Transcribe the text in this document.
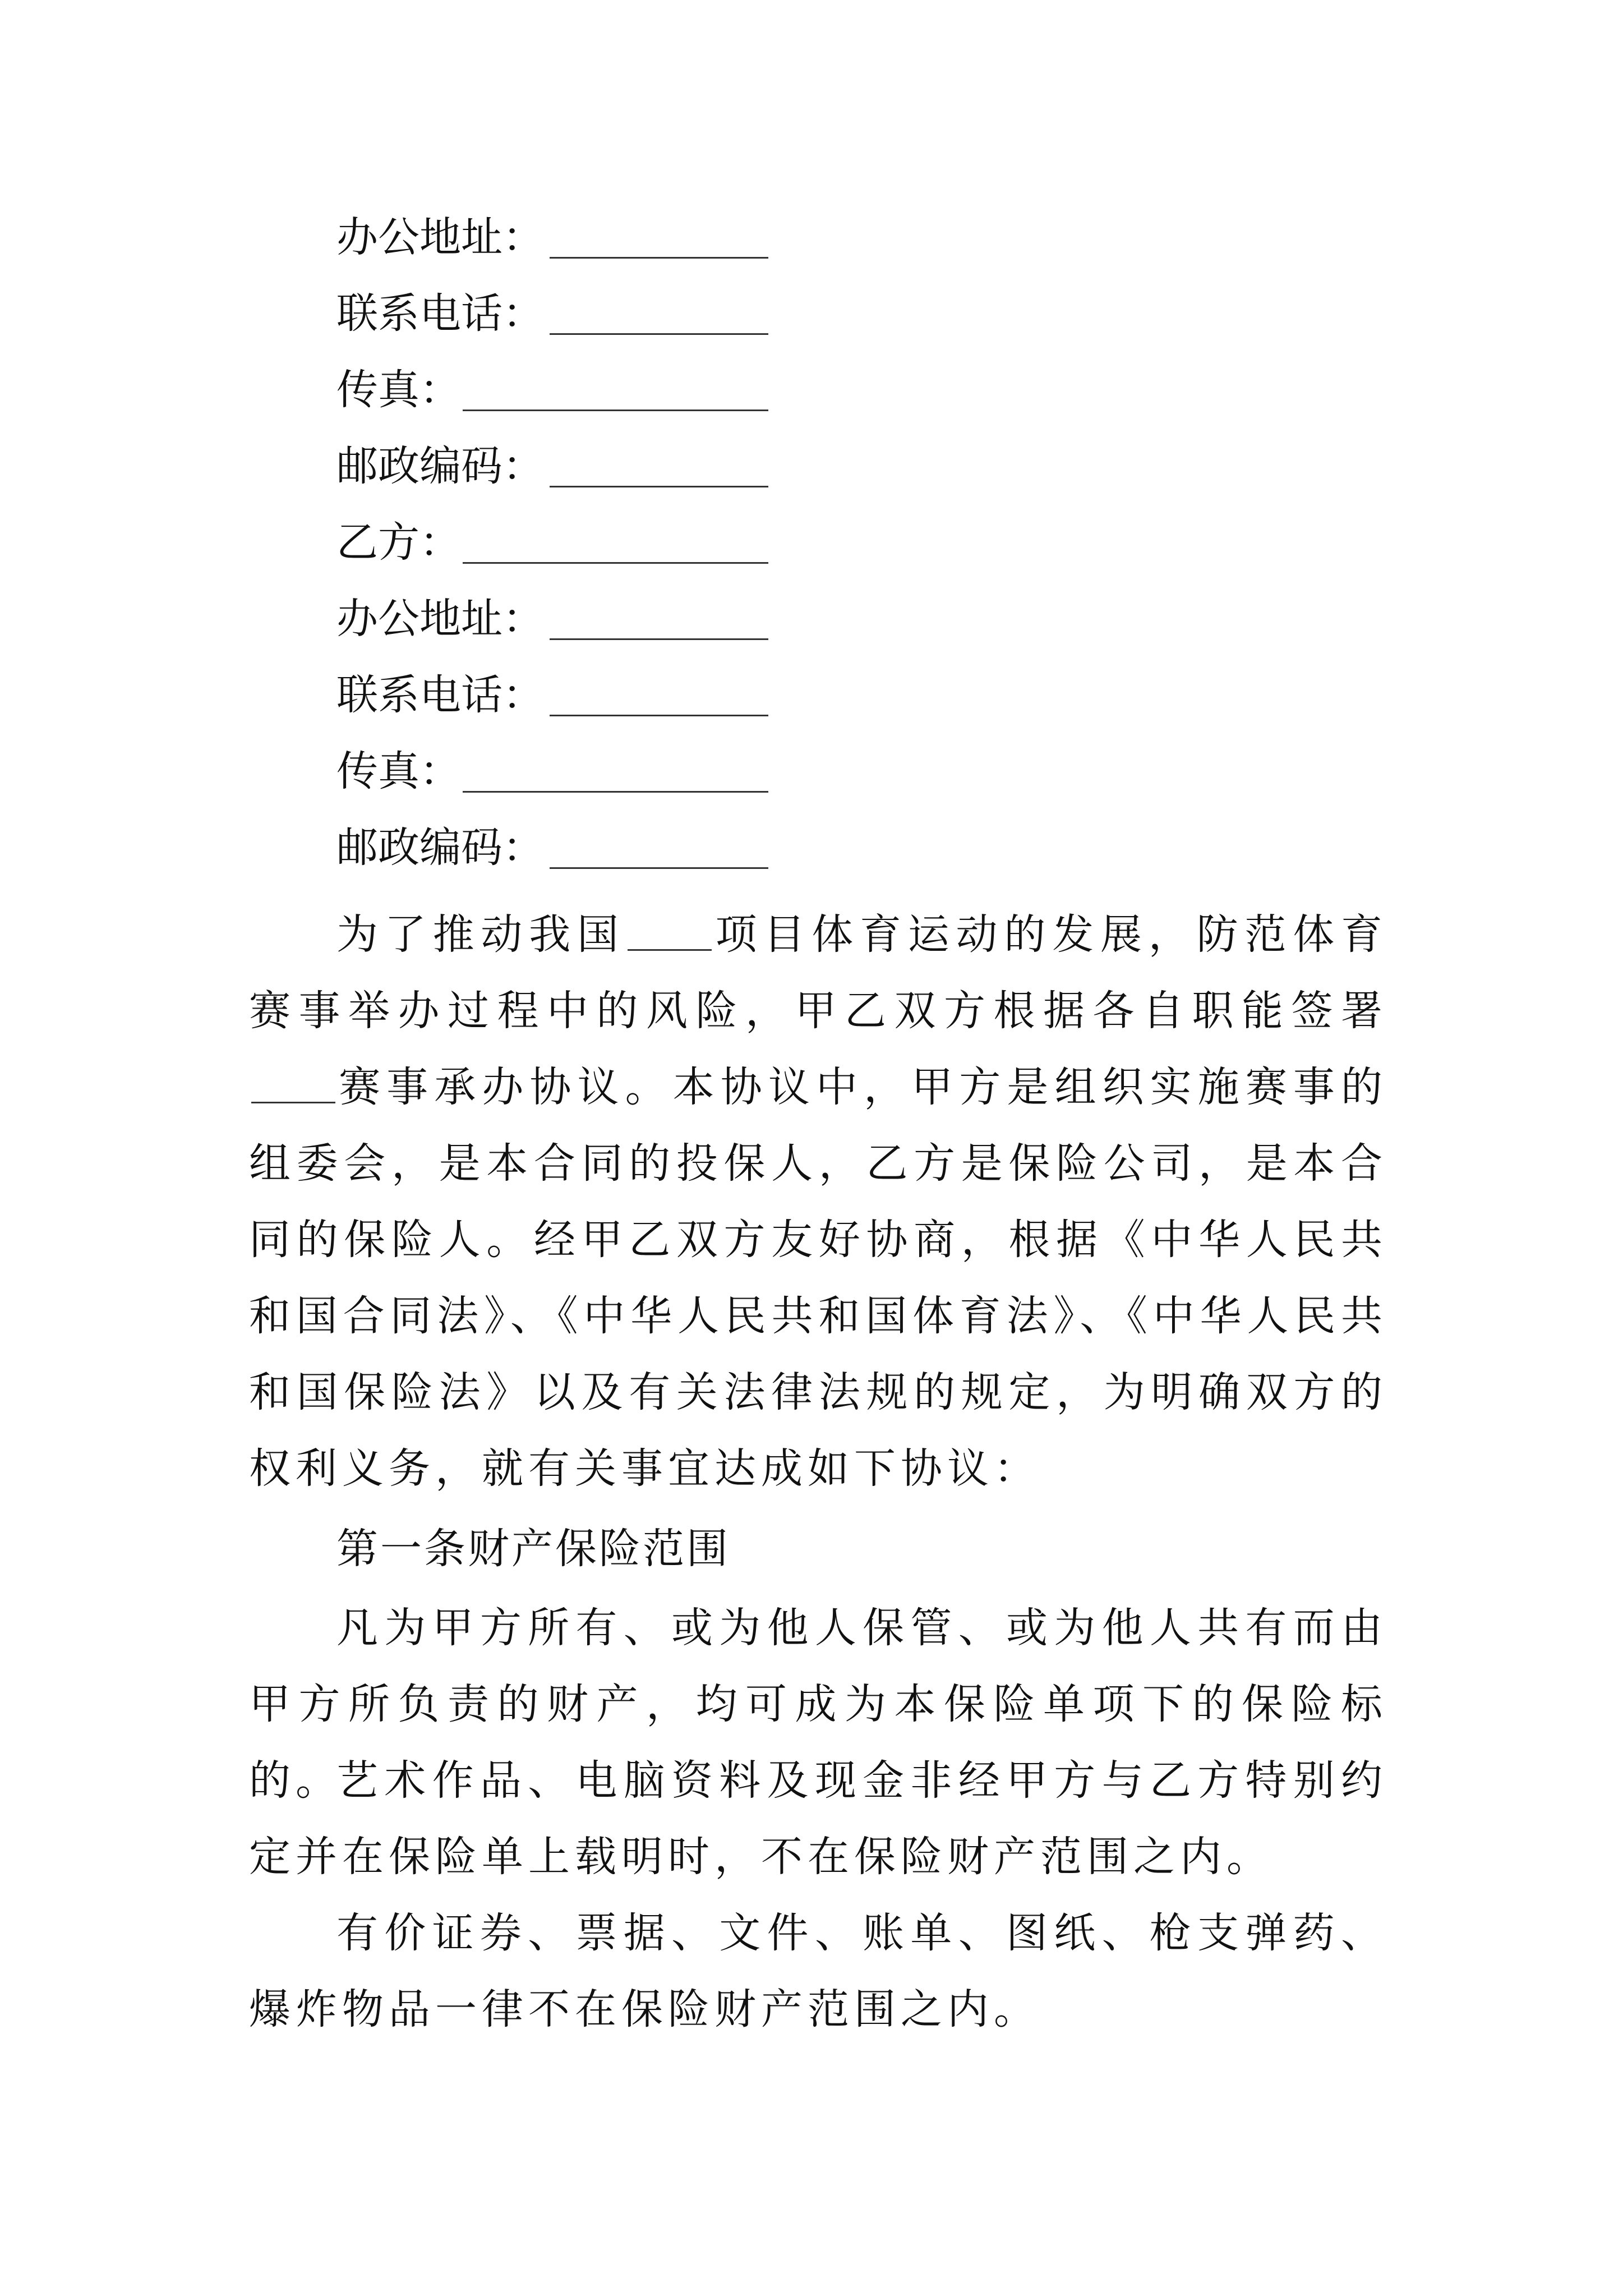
办公地址：
联系电话：
传真：
邮政编码：
乙方：
办公地址：
联系电话：
传真：
邮政编码：

为了推动我国 项目体育运动的发展，防范体育赛事举办过程中的风险，甲乙双方根据各自职能签署赛事承办协议。本协议中，甲方是组织实施赛事的组委会，是本合同的投保人，乙方是保险公司，是本合同的保险人。经甲乙双方友好协商，根据《中华人民共和国合同法》、《中华人民共和国体育法》、《中华人民共和国保险法》以及有关法律法规的规定，为明确双方的权利义务，就有关事宜达成如下协议：

第一条财产保险范围

凡为甲方所有、或为他人保管、或为他人共有而由甲方所负责的财产，均可成为本保险单项下的保险标的。

艺术作品、电脑资料及现金非经甲方与乙方特别约定并在保险单上载明时，不在保险财产范围之内。

有价证券、票据、文件、账单、图纸、枪支弹药、爆炸物品一律不在保险财产范围之内。
